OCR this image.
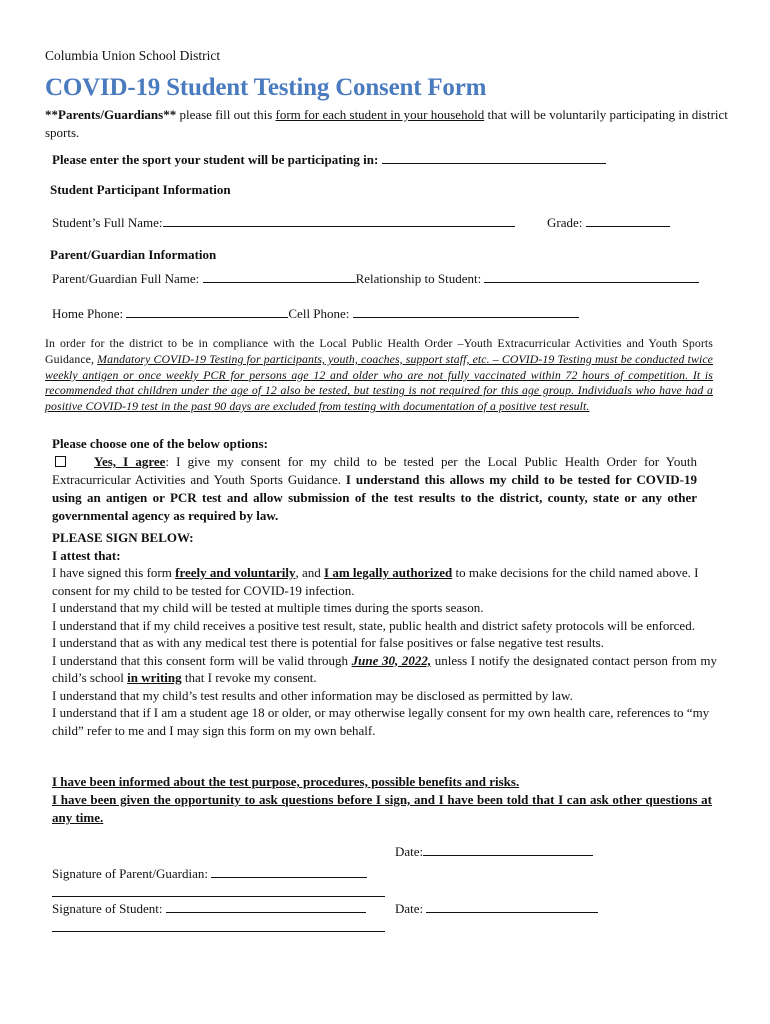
Columbia Union School District
COVID-19 Student Testing Consent Form
**Parents/Guardians** please fill out this form for each student in your household that will be voluntarily participating in district sports.
Please enter the sport your student will be participating in:
Student Participant Information
Student’s Full Name:	Grade:
Parent/Guardian Information
Parent/Guardian Full Name:	Relationship to Student:
Home Phone:	Cell Phone:
In order for the district to be in compliance with the Local Public Health Order –Youth Extracurricular Activities and Youth Sports Guidance, Mandatory COVID-19 Testing for participants, youth, coaches, support staff, etc. – COVID-19 Testing must be conducted twice weekly antigen or once weekly PCR for persons age 12 and older who are not fully vaccinated within 72 hours of competition. It is recommended that children under the age of 12 also be tested, but testing is not required for this age group. Individuals who have had a positive COVID-19 test in the past 90 days are excluded from testing with documentation of a positive test result.
Please choose one of the below options:
Yes, I agree: I give my consent for my child to be tested per the Local Public Health Order for Youth Extracurricular Activities and Youth Sports Guidance. I understand this allows my child to be tested for COVID-19 using an antigen or PCR test and allow submission of the test results to the district, county, state or any other governmental agency as required by law.

PLEASE SIGN BELOW:

I attest that:

I have signed this form freely and voluntarily, and I am legally authorized to make decisions for the child named above. I consent for my child to be tested for COVID-19 infection.

I understand that my child will be tested at multiple times during the sports season.

I understand that if my child receives a positive test result, state, public health and district safety protocols will be enforced.

I understand that as with any medical test there is potential for false positives or false negative test results.

I understand that this consent form will be valid through June 30, 2022, unless I notify the designated contact person from my child’s school in writing that I revoke my consent.

I understand that my child’s test results and other information may be disclosed as permitted by law.

I understand that if I am a student age 18 or older, or may otherwise legally consent for my own health care, references to “my child” refer to me and I may sign this form on my own behalf.

I have been informed about the test purpose, procedures, possible benefits and risks.
I have been given the opportunity to ask questions before I sign, and I have been told that I can ask other questions at any time.
Date:
Signature of Parent/Guardian:
Signature of Student:	Date:
